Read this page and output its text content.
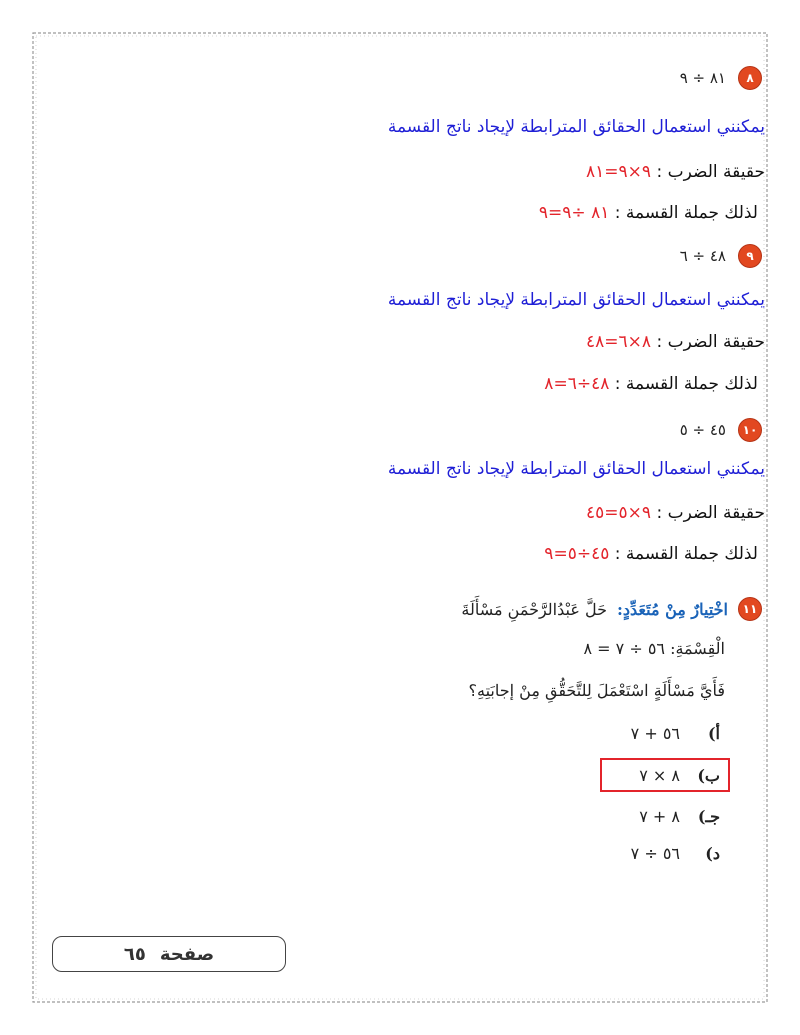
٨
٨١ ÷ ٩
يمكنني استعمال الحقائق المترابطة لإيجاد ناتج القسمة
حقيقة الضرب : ٩×٩=٨١
لذلك جملة القسمة : ٨١ ÷٩=٩
٩
٤٨ ÷ ٦
يمكنني استعمال الحقائق المترابطة لإيجاد ناتج القسمة
حقيقة الضرب : ٨×٦=٤٨
لذلك جملة القسمة : ٤٨÷٦=٨
١٠
٤٥ ÷ ٥
يمكنني استعمال الحقائق المترابطة لإيجاد ناتج القسمة
حقيقة الضرب : ٩×٥=٤٥
لذلك جملة القسمة : ٤٥÷٥=٩
١١
اخْتِيارٌ مِنْ مُتَعَدِّدٍ:
حَلَّ عَبْدُالرَّحْمَنِ مَسْأَلَةَ
الْقِسْمَةِ: ٥٦ ÷ ٧ = ٨
فَأَيَّ مَسْأَلَةٍ اسْتَعْمَلَ لِلتَّحَقُّقِ مِنْ إجابَتِهِ؟
أ)
٥٦ + ٧
ب)
٨ × ٧
جـ)
٨ + ٧
د)
٥٦ ÷ ٧
صفحة
٦٥
